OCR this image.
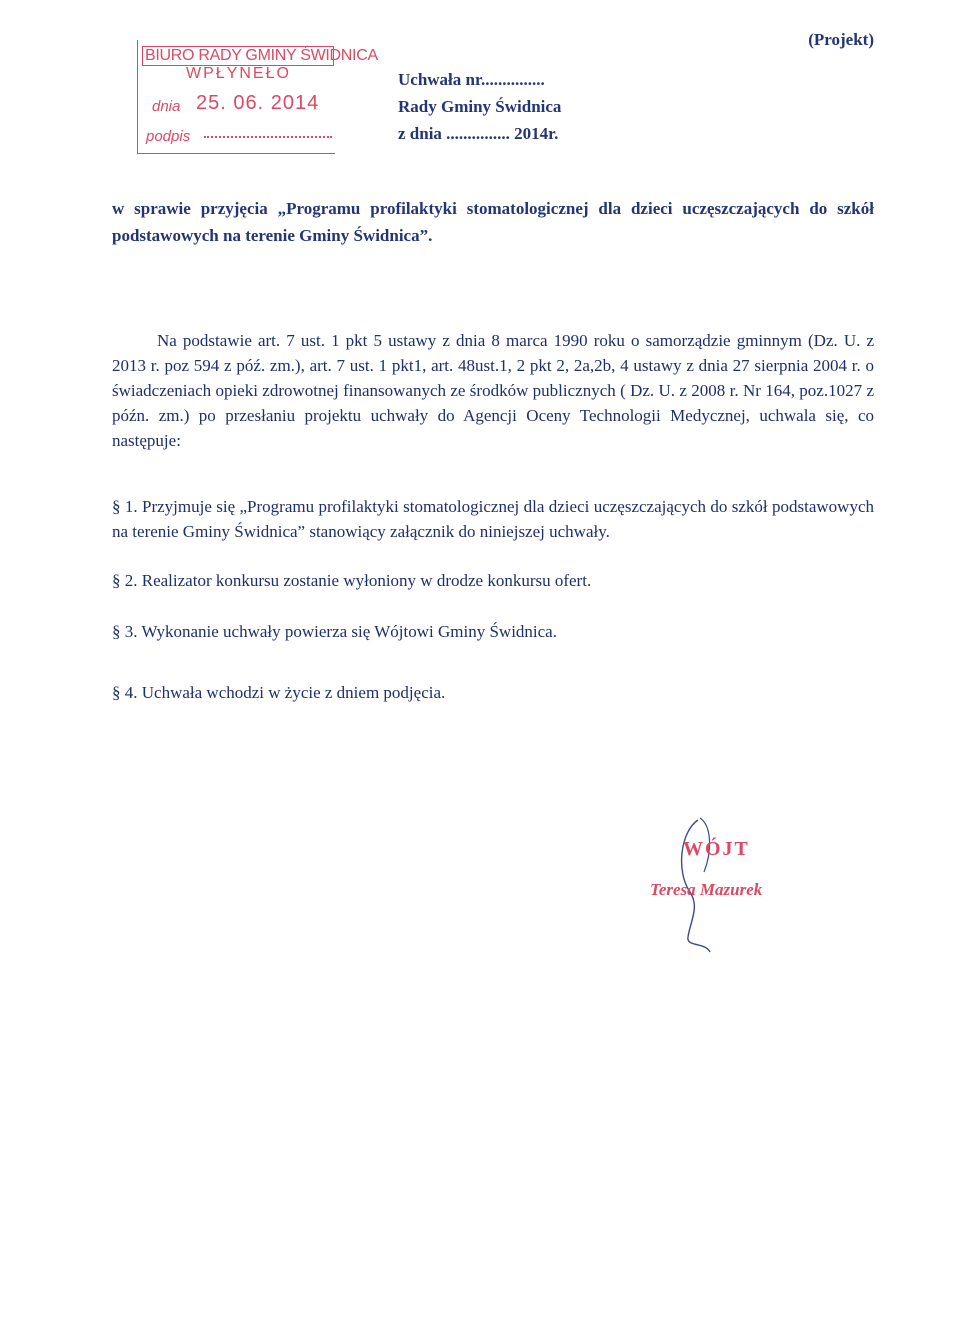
BIURO RADY GMINY ŚWIDNICA
WPŁYNEŁO
dnia 25. 06. 2014
podpis
(Projekt)
Uchwała nr...............
Rady Gminy Świdnica
z dnia ............... 2014r.
w sprawie przyjęcia „Programu profilaktyki stomatologicznej dla dzieci uczęszczających do szkół podstawowych na terenie Gminy Świdnica”.
Na podstawie art. 7 ust. 1 pkt 5 ustawy z dnia 8 marca 1990 roku o samorządzie gminnym (Dz. U. z 2013 r. poz 594 z póź. zm.), art. 7 ust. 1 pkt1, art. 48ust.1, 2 pkt 2, 2a,2b, 4 ustawy z dnia 27 sierpnia 2004 r. o świadczeniach opieki zdrowotnej finansowanych ze środków publicznych ( Dz. U. z 2008 r. Nr 164, poz.1027 z późn. zm.) po przesłaniu projektu uchwały do Agencji Oceny Technologii Medycznej, uchwala się, co następuje:
§ 1. Przyjmuje się „Programu profilaktyki stomatologicznej dla dzieci uczęszczających do szkół podstawowych na terenie Gminy Świdnica” stanowiący załącznik do niniejszej uchwały.
§ 2. Realizator konkursu zostanie wyłoniony w drodze konkursu ofert.
§ 3. Wykonanie uchwały powierza się Wójtowi Gminy Świdnica.
§ 4. Uchwała wchodzi w życie z dniem podjęcia.
WÓJT
Teresa Mazurek
